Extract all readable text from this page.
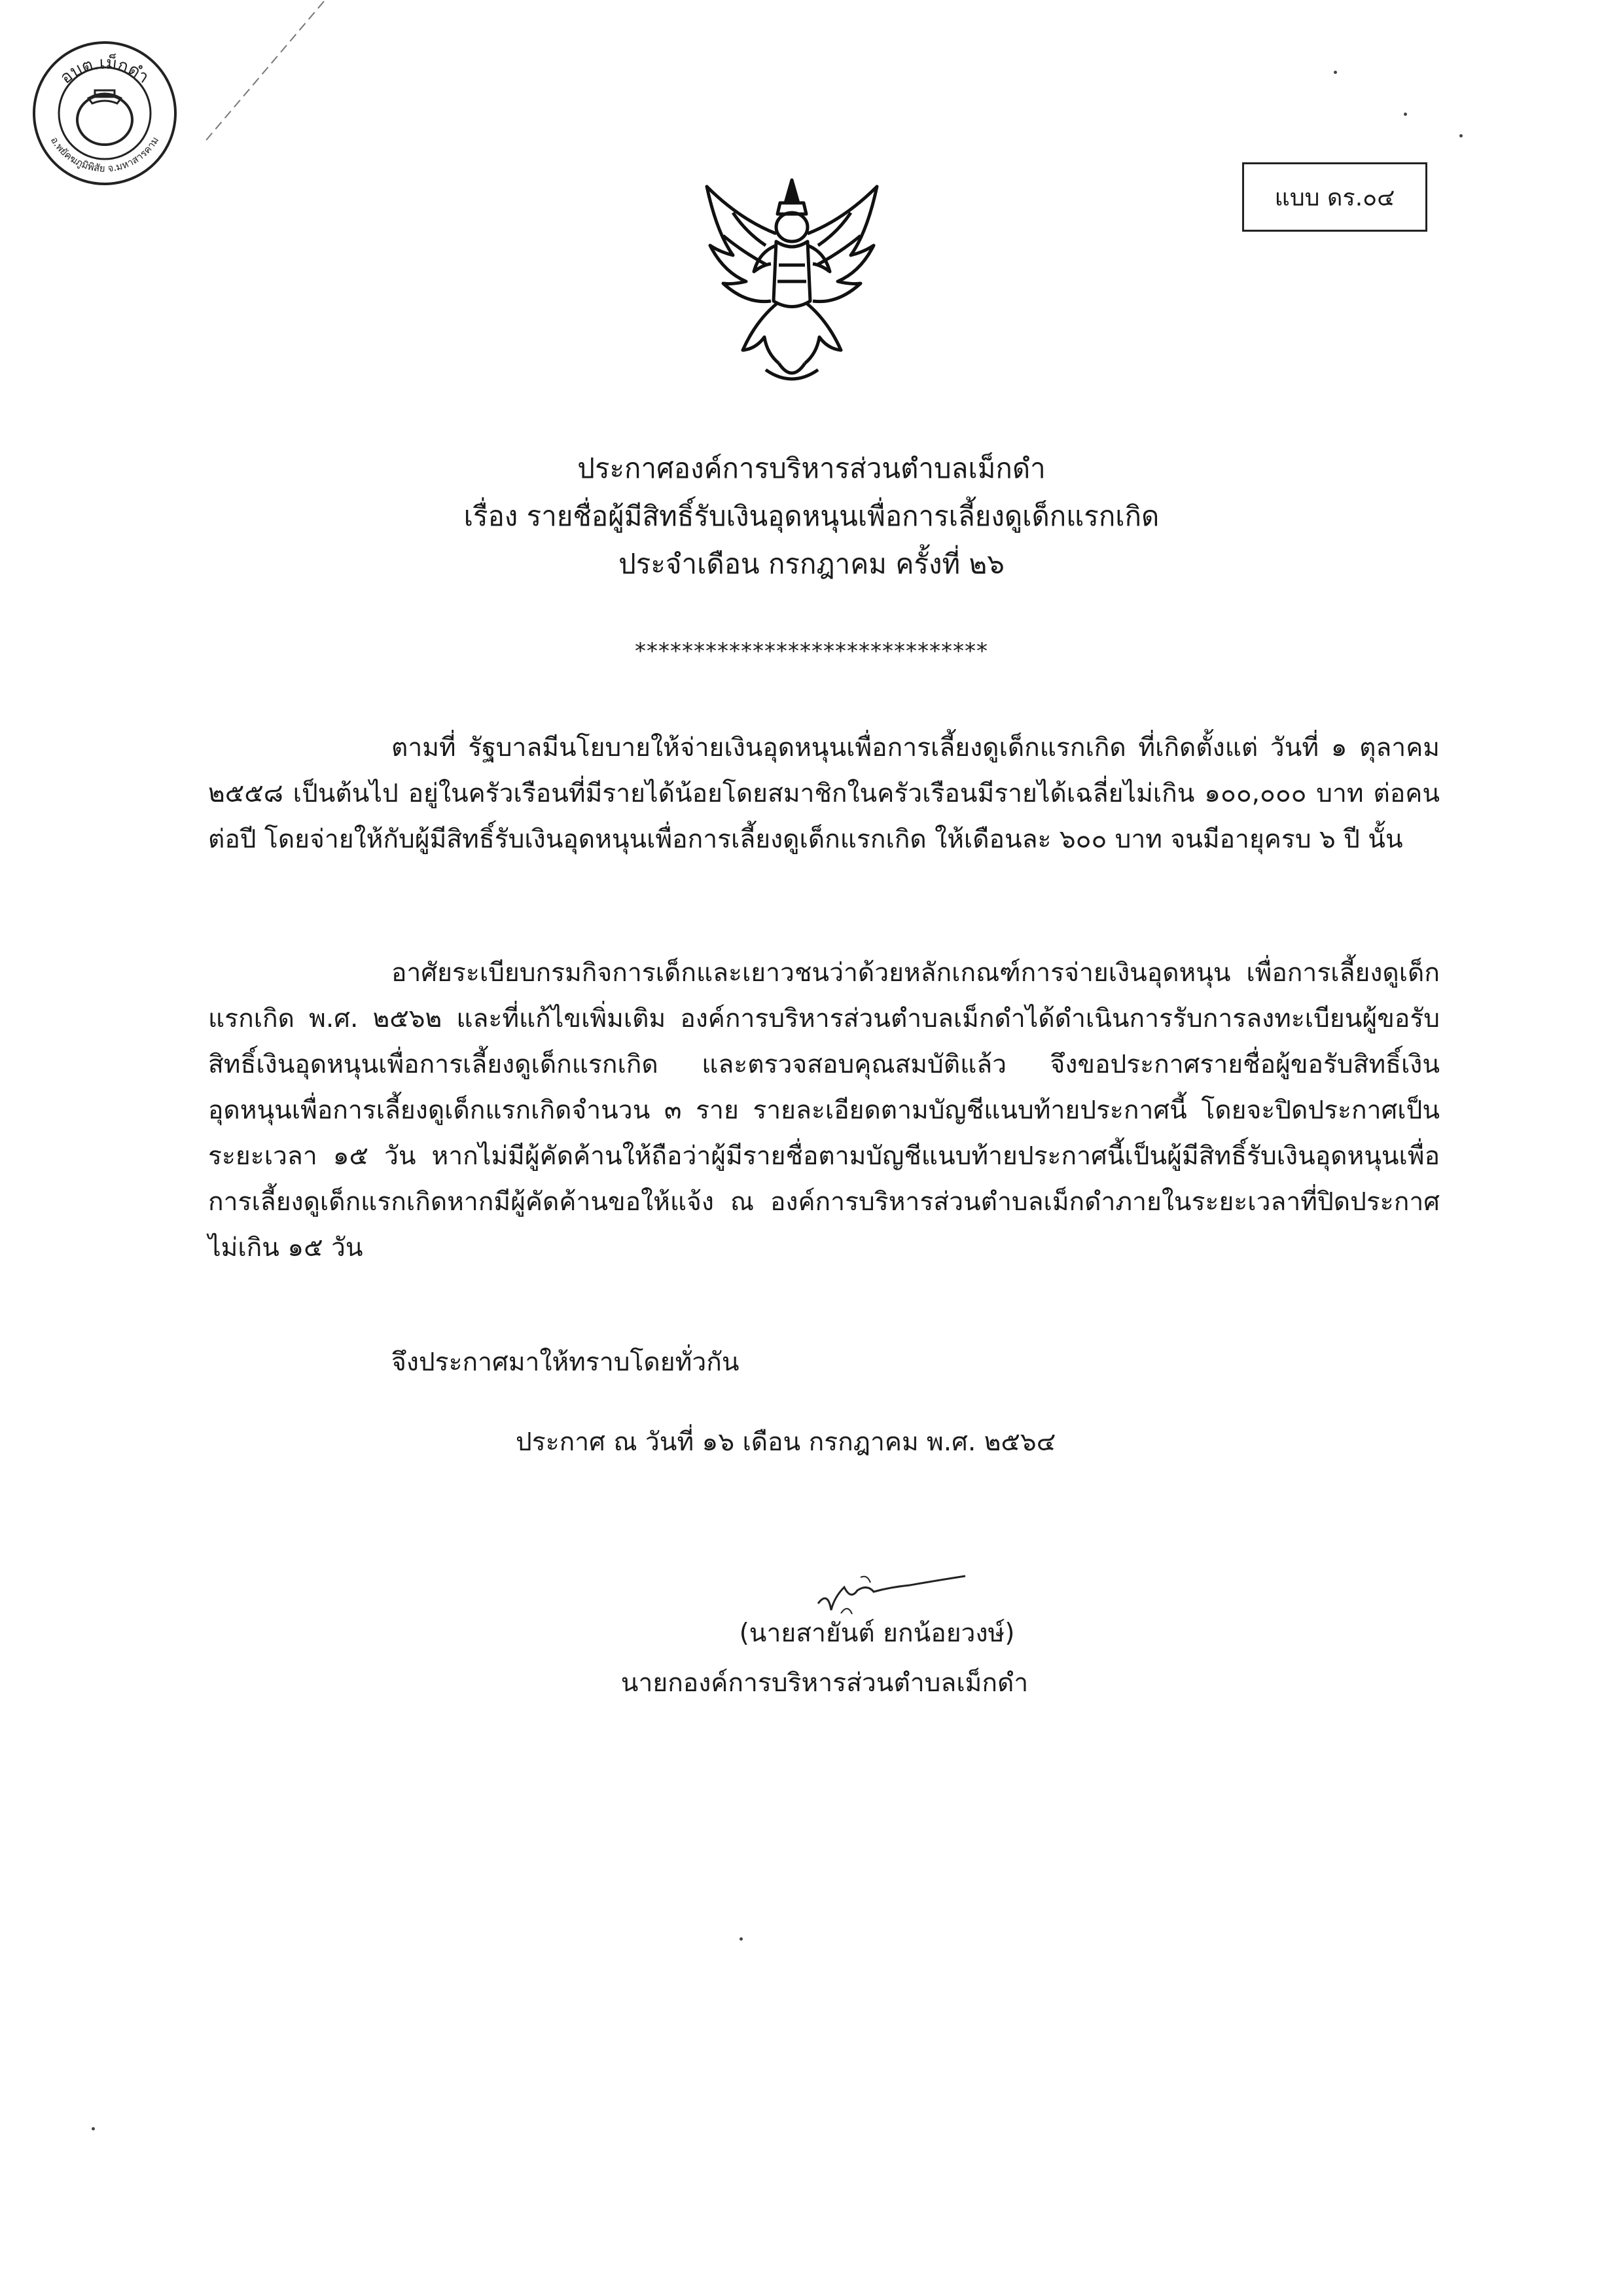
อบต.เม็กดำ
อ.พยัคฆภูมิพิสัย จ.มหาสารคาม
แบบ ดร.๐๔
ประกาศองค์การบริหารส่วนตำบลเม็กดำ
เรื่อง รายชื่อผู้มีสิทธิ์รับเงินอุดหนุนเพื่อการเลี้ยงดูเด็กแรกเกิด
ประจำเดือน กรกฎาคม ครั้งที่ ๒๖
******************************
ตามที่ รัฐบาลมีนโยบายให้จ่ายเงินอุดหนุนเพื่อการเลี้ยงดูเด็กแรกเกิด ที่เกิดตั้งแต่ วันที่ ๑ ตุลาคม ๒๕๕๘ เป็นต้นไป อยู่ในครัวเรือนที่มีรายได้น้อยโดยสมาชิกในครัวเรือนมีรายได้เฉลี่ยไม่เกิน ๑๐๐,๐๐๐ บาท ต่อคน ต่อปี โดยจ่ายให้กับผู้มีสิทธิ์รับเงินอุดหนุนเพื่อการเลี้ยงดูเด็กแรกเกิด ให้เดือนละ ๖๐๐ บาท จนมีอายุครบ ๖ ปี นั้น
อาศัยระเบียบกรมกิจการเด็กและเยาวชนว่าด้วยหลักเกณฑ์การจ่ายเงินอุดหนุน เพื่อการเลี้ยงดูเด็กแรกเกิด พ.ศ. ๒๕๖๒ และที่แก้ไขเพิ่มเติม องค์การบริหารส่วนตำบลเม็กดำได้ดำเนินการรับการลงทะเบียนผู้ขอรับสิทธิ์เงินอุดหนุนเพื่อการเลี้ยงดูเด็กแรกเกิด และตรวจสอบคุณสมบัติแล้ว จึงขอประกาศรายชื่อผู้ขอรับสิทธิ์เงินอุดหนุนเพื่อการเลี้ยงดูเด็กแรกเกิดจำนวน ๓ ราย รายละเอียดตามบัญชีแนบท้ายประกาศนี้ โดยจะปิดประกาศเป็นระยะเวลา ๑๕ วัน หากไม่มีผู้คัดค้านให้ถือว่าผู้มีรายชื่อตามบัญชีแนบท้ายประกาศนี้เป็นผู้มีสิทธิ์รับเงินอุดหนุนเพื่อการเลี้ยงดูเด็กแรกเกิดหากมีผู้คัดค้านขอให้แจ้ง ณ องค์การบริหารส่วนตำบลเม็กดำภายในระยะเวลาที่ปิดประกาศไม่เกิน ๑๕ วัน
จึงประกาศมาให้ทราบโดยทั่วกัน
ประกาศ ณ วันที่ ๑๖ เดือน กรกฎาคม พ.ศ. ๒๕๖๔
(นายสายันต์ ยกน้อยวงษ์)
นายกองค์การบริหารส่วนตำบลเม็กดำ
